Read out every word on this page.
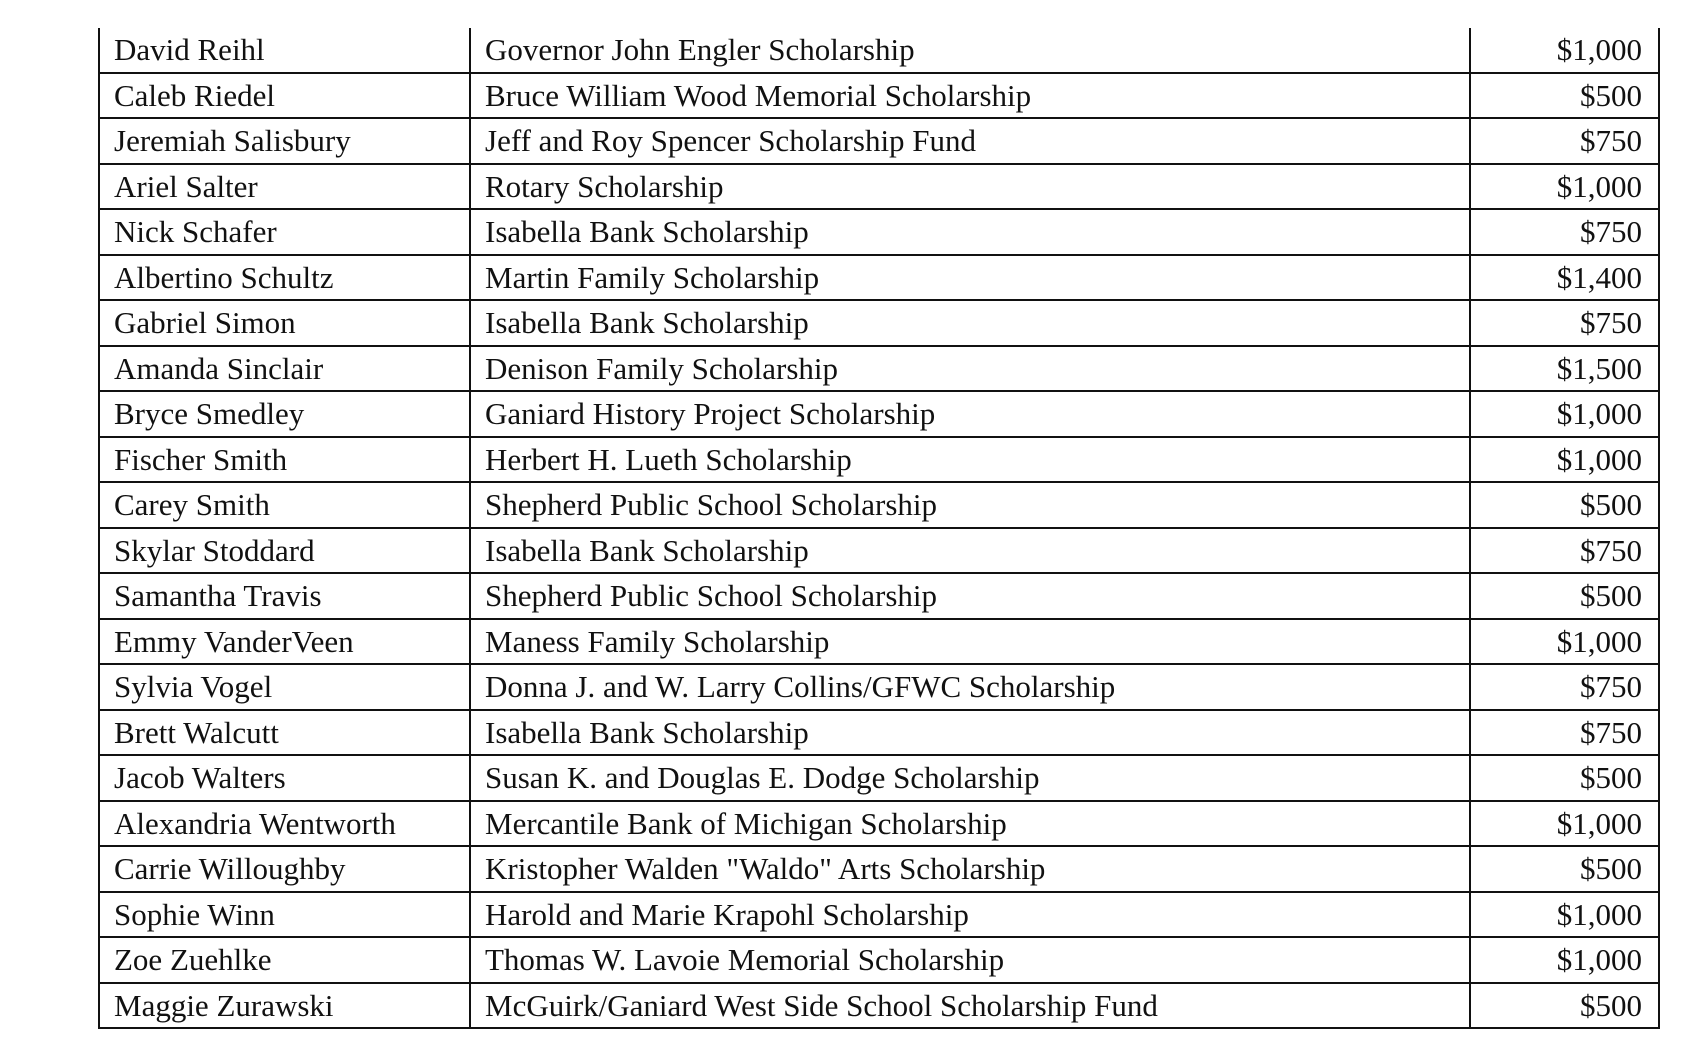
David Reihl	Governor John Engler Scholarship	$1,000
Caleb Riedel	Bruce William Wood Memorial Scholarship	$500
Jeremiah Salisbury	Jeff and Roy Spencer Scholarship Fund	$750
Ariel Salter	Rotary Scholarship	$1,000
Nick Schafer	Isabella Bank Scholarship	$750
Albertino Schultz	Martin Family Scholarship	$1,400
Gabriel Simon	Isabella Bank Scholarship	$750
Amanda Sinclair	Denison Family Scholarship	$1,500
Bryce Smedley	Ganiard History Project Scholarship	$1,000
Fischer Smith	Herbert H. Lueth Scholarship	$1,000
Carey Smith	Shepherd Public School Scholarship	$500
Skylar Stoddard	Isabella Bank Scholarship	$750
Samantha Travis	Shepherd Public School Scholarship	$500
Emmy VanderVeen	Maness Family Scholarship	$1,000
Sylvia Vogel	Donna J. and W. Larry Collins/GFWC Scholarship	$750
Brett Walcutt	Isabella Bank Scholarship	$750
Jacob Walters	Susan K. and Douglas E. Dodge Scholarship	$500
Alexandria Wentworth	Mercantile Bank of Michigan Scholarship	$1,000
Carrie Willoughby	Kristopher Walden "Waldo" Arts Scholarship	$500
Sophie Winn	Harold and Marie Krapohl Scholarship	$1,000
Zoe Zuehlke	Thomas W. Lavoie Memorial Scholarship	$1,000
Maggie Zurawski	McGuirk/Ganiard West Side School Scholarship Fund	$500
